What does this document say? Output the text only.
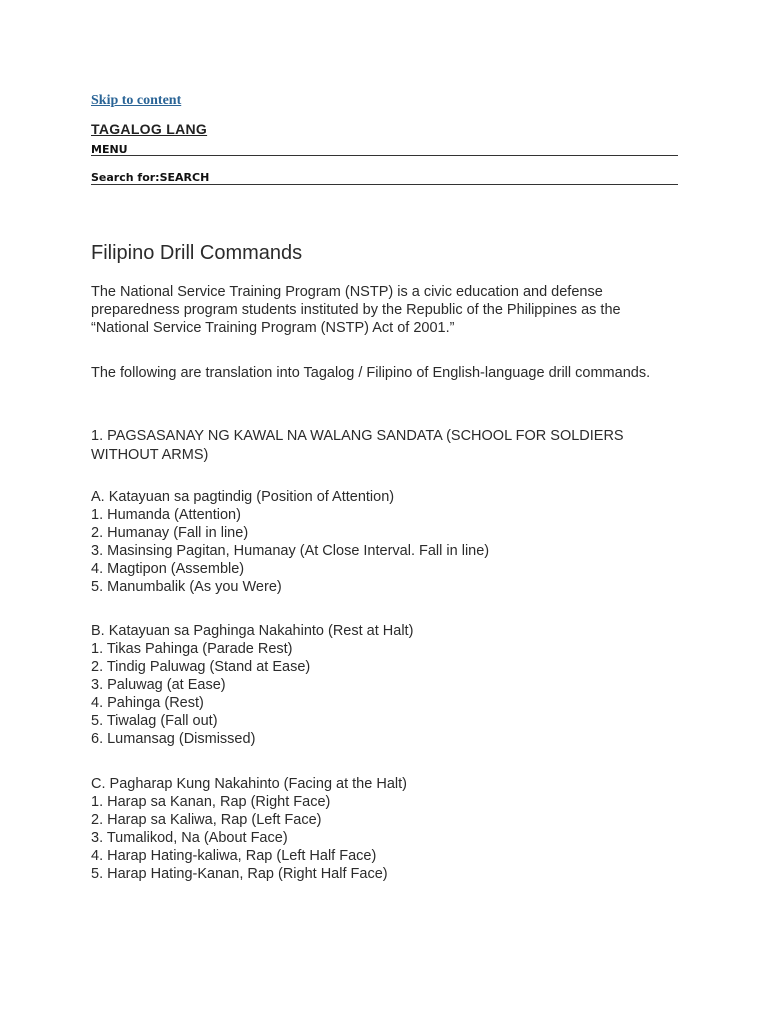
Skip to content
TAGALOG LANG
MENU
Search for:SEARCH
Filipino Drill Commands

The National Service Training Program (NSTP) is a civic education and defense preparedness program students instituted by the Republic of the Philippines as the “National Service Training Program (NSTP) Act of 2001.”

The following are translation into Tagalog / Filipino of English-language drill commands.

1. PAGSASANAY NG KAWAL NA WALANG SANDATA (SCHOOL FOR SOLDIERS WITHOUT ARMS)

A. Katayuan sa pagtindig (Position of Attention)

1. Humanda (Attention)
2. Humanay (Fall in line)
3. Masinsing Pagitan, Humanay (At Close Interval. Fall in line)
4. Magtipon (Assemble)
5. Manumbalik (As you Were)

B. Katayuan sa Paghinga Nakahinto (Rest at Halt)

1. Tikas Pahinga (Parade Rest)
2. Tindig Paluwag (Stand at Ease)
3. Paluwag (at Ease)
4. Pahinga (Rest)
5. Tiwalag (Fall out)
6. Lumansag (Dismissed)

C. Pagharap Kung Nakahinto (Facing at the Halt)

1. Harap sa Kanan, Rap (Right Face)
2. Harap sa Kaliwa, Rap (Left Face)
3. Tumalikod, Na (About Face)
4. Harap Hating-kaliwa, Rap (Left Half Face)
5. Harap Hating-Kanan, Rap (Right Half Face)
